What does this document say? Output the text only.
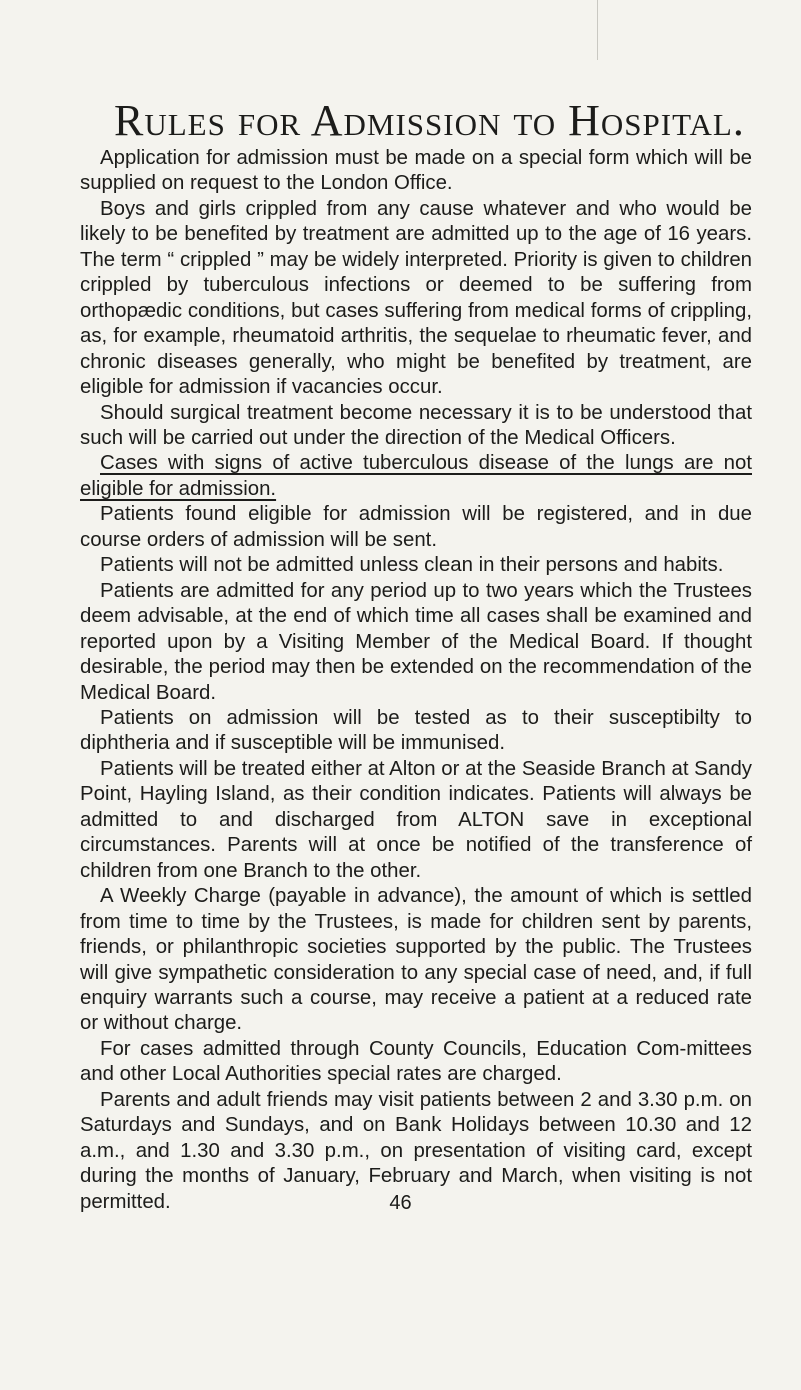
Rules for Admission to Hospital.

Application for admission must be made on a special form which will be supplied on request to the London Office.

Boys and girls crippled from any cause whatever and who would be likely to be benefited by treatment are admitted up to the age of 16 years. The term “ crippled ” may be widely interpreted. Priority is given to children crippled by tuberculous infections or deemed to be suffering from orthopædic conditions, but cases suffering from medical forms of crippling, as, for example, rheumatoid arthritis, the sequelae to rheumatic fever, and chronic diseases generally, who might be benefited by treatment, are eligible for admission if vacancies occur.

Should surgical treatment become necessary it is to be understood that such will be carried out under the direction of the Medical Officers.

Cases with signs of active tuberculous disease of the lungs are not eligible for admission.

Patients found eligible for admission will be registered, and in due course orders of admission will be sent.

Patients will not be admitted unless clean in their persons and habits.

Patients are admitted for any period up to two years which the Trustees deem advisable, at the end of which time all cases shall be examined and reported upon by a Visiting Member of the Medical Board. If thought desirable, the period may then be extended on the recommendation of the Medical Board.

Patients on admission will be tested as to their susceptibilty to diphtheria and if susceptible will be immunised.

Patients will be treated either at Alton or at the Seaside Branch at Sandy Point, Hayling Island, as their condition indicates. Patients will always be admitted to and discharged from ALTON save in exceptional circumstances. Parents will at once be notified of the transference of children from one Branch to the other.

A Weekly Charge (payable in advance), the amount of which is settled from time to time by the Trustees, is made for children sent by parents, friends, or philanthropic societies supported by the public. The Trustees will give sympathetic consideration to any special case of need, and, if full enquiry warrants such a course, may receive a patient at a reduced rate or without charge.

For cases admitted through County Councils, Education Com-mittees and other Local Authorities special rates are charged.

Parents and adult friends may visit patients between 2 and 3.30 p.m. on Saturdays and Sundays, and on Bank Holidays between 10.30 and 12 a.m., and 1.30 and 3.30 p.m., on presentation of visiting card, except during the months of January, February and March, when visiting is not permitted.	46
